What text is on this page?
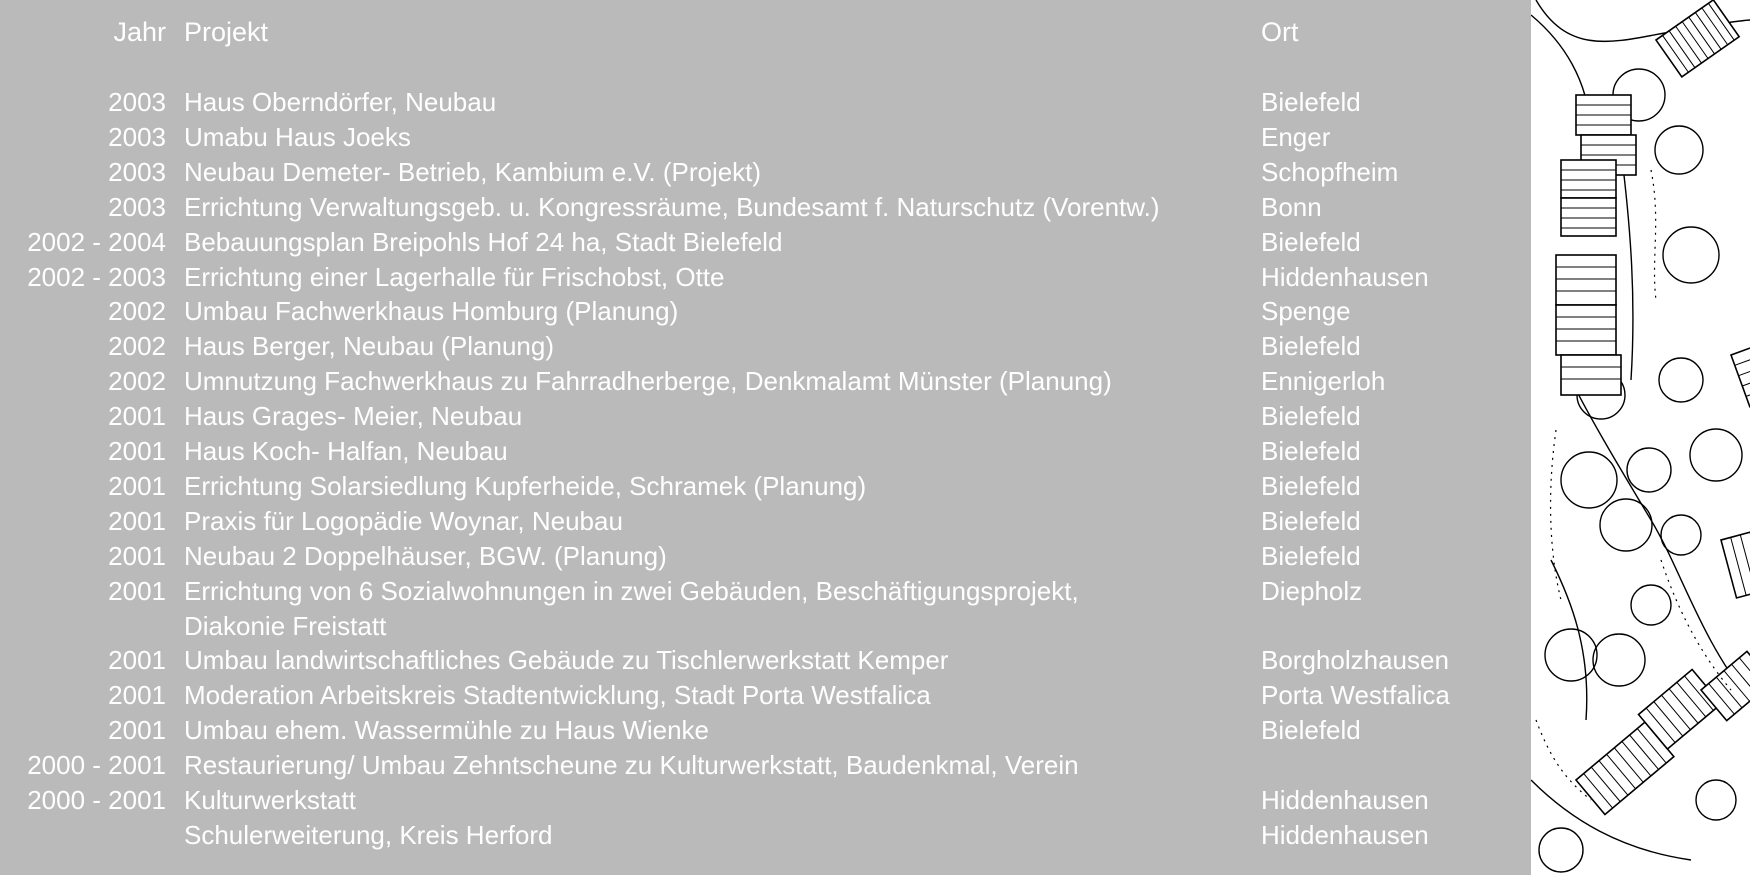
Jahr Projekt	Ort
2003 Haus Oberndörfer, Neubau	Bielefeld
2003 Umabu Haus Joeks	Enger
2003 Neubau Demeter- Betrieb, Kambium e.V. (Projekt)	Schopfheim
2003 Errichtung Verwaltungsgeb. u. Kongressräume, Bundesamt f. Naturschutz (Vorentw.)	Bonn
2002 - 2004 Bebauungsplan Breipohls Hof 24 ha, Stadt Bielefeld	Bielefeld
2002 - 2003 Errichtung einer Lagerhalle für Frischobst, Otte	Hiddenhausen
2002 Umbau Fachwerkhaus Homburg (Planung)	Spenge
2002 Haus Berger, Neubau (Planung)	Bielefeld
2002 Umnutzung Fachwerkhaus zu Fahrradherberge, Denkmalamt Münster (Planung)	Ennigerloh
2001 Haus Grages- Meier, Neubau	Bielefeld
2001 Haus Koch- Halfan, Neubau	Bielefeld
2001 Errichtung Solarsiedlung Kupferheide, Schramek (Planung)	Bielefeld
2001 Praxis für Logopädie Woynar, Neubau	Bielefeld
2001 Neubau 2 Doppelhäuser, BGW. (Planung)	Bielefeld
2001 Errichtung von 6 Sozialwohnungen in zwei Gebäuden, Beschäftigungsprojekt,	Diepholz
Diakonie Freistatt
2001 Umbau landwirtschaftliches Gebäude zu Tischlerwerkstatt Kemper	Borgholzhausen
2001 Moderation Arbeitskreis Stadtentwicklung, Stadt Porta Westfalica	Porta Westfalica
2001 Umbau ehem. Wassermühle zu Haus Wienke	Bielefeld
2000 - 2001 Restaurierung/ Umbau Zehntscheune zu Kulturwerkstatt, Baudenkmal, Verein
2000 - 2001 Kulturwerkstatt	Hiddenhausen
Schulerweiterung, Kreis Herford	Hiddenhausen
